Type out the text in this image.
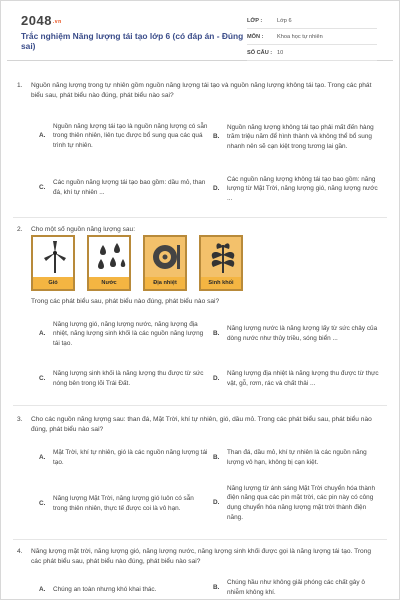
2048.vn
Trắc nghiệm Năng lượng tái tạo lớp 6 (có đáp án - Đúng sai)
LỚP :	Lớp 6
MÔN :	Khoa học tự nhiên
SỐ CÂU : 10
1.	Nguồn năng lượng trong tự nhiên gồm nguồn năng lượng tái tạo và nguồn năng lượng không tái tạo. Trong các phát biểu sau, phát biểu nào đúng, phát biểu nào sai?
A.
Nguồn năng lượng tái tạo là nguồn năng lượng có sẵn trong thiên nhiên, liên tục được bổ sung qua các quá trình tự nhiên.
B.
Nguồn năng lượng không tái tạo phải mất đến hàng trăm triệu năm để hình thành và không thể bổ sung nhanh nên sẽ cạn kiệt trong tương lai gần.
C.
Các nguồn năng lượng tái tạo bao gồm: dầu mỏ, than đá, khí tự nhiên ...
D.
Các nguồn năng lượng không tái tạo bao gồm: năng lượng từ Mặt Trời, năng lượng gió, năng lượng nước ...
2.	Cho một số nguồn năng lượng sau:
Gió	Nước	Địa nhiệt	Sinh khối
Trong các phát biểu sau, phát biểu nào đúng, phát biểu nào sai?
A.
Năng lượng gió, năng lượng nước, năng lượng địa nhiệt, năng lượng sinh khối là các nguồn năng lượng tái tạo.
B.
Năng lượng nước là năng lượng lấy từ sức chảy của dòng nước như thủy triều, sóng biển ...
C.
Năng lượng sinh khối là năng lượng thu được từ sức nóng bên trong lõi Trái Đất.
D.
Năng lượng địa nhiệt là năng lượng thu được từ thực vật, gỗ, rơm, rác và chất thải ...
3.	Cho các nguồn năng lượng sau: than đá, Mặt Trời, khí tự nhiên, gió, dầu mỏ. Trong các phát biểu sau, phát biểu nào đúng, phát biểu nào sai?
A.
Mặt Trời, khí tự nhiên, gió là các nguồn năng lượng tái tạo.
B.
Than đá, dầu mỏ, khí tự nhiên là các nguồn năng lượng vô hạn, không bị cạn kiệt.
C.
Năng lượng Mặt Trời, năng lượng gió luôn có sẵn trong thiên nhiên, thực tế được coi là vô hạn.
D.
Năng lượng từ ánh sáng Mặt Trời chuyển hóa thành điện năng qua các pin mặt trời, các pin này có công dụng chuyển hóa năng lượng mặt trời thành điện năng.
4.	Năng lượng mặt trời, năng lượng gió, năng lượng nước, năng lượng sinh khối được gọi là năng lượng tái tạo. Trong các phát biểu sau, phát biểu nào đúng, phát biểu nào sai?
A.	Chúng an toàn nhưng khó khai thác.	B.
Chúng hầu như không giải phóng các chất gây ô nhiễm không khí.
